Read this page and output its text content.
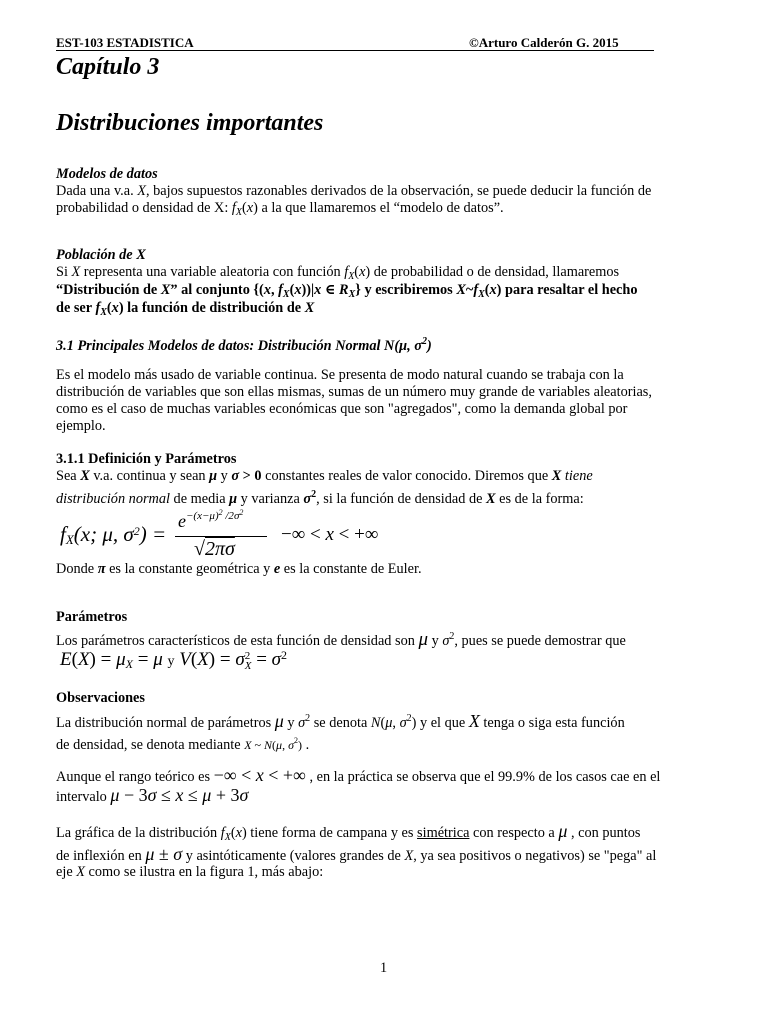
EST-103 ESTADISTICA	©Arturo Calderón G. 2015
Capítulo 3
Distribuciones importantes
Modelos de datos
Dada una v.a. X, bajos supuestos razonables derivados de la observación, se puede deducir la función de
probabilidad o densidad de X: $f_X(x)$ a la que llamaremos el “modelo de datos”.
Población de X
Si X representa una variable aleatoria con función $f_X(x)$ de probabilidad o de densidad, llamaremos
“Distribución de X” al conjunto {(x, $f_X(x))|x$ ∈ $R_X$} y escribiremos $X\sim f_X(x)$ para resaltar el hecho
de ser $f_X(x)$ la función de distribución de X
3.1 Principales Modelos de datos: Distribución Normal N(μ, $\sigma^2$)
Es el modelo más usado de variable continua. Se presenta de modo natural cuando se trabaja con la
distribución de variables que son ellas mismas, sumas de un número muy grande de variables aleatorias,
como es el caso de muchas variables económicas que son "agregados", como la demanda global por
ejemplo.
3.1.1 Definición y Parámetros
Sea X v.a. continua y sean μ y σ > 0 constantes reales de valor conocido. Diremos que X tiene
distribución normal de media μ y varianza $\sigma^2$, si la función de densidad de X es de la forma:
$f_X(x$; μ, $\sigma^2$) =
$e^{-(x-\mu)^2 /2\sigma^2}$
√2πσ
−∞ < x < +∞
Donde π es la constante geométrica y e es la constante de Euler.
Parámetros
Los parámetros característicos de esta función de densidad son μ y $\sigma^2$, pues se puede demostrar que
$E(X) = \mu_X = \mu$ y V(X) = σ2
$X = \sigma^2$
Observaciones
La distribución normal de parámetros μ y $\sigma^2$ se denota N(μ, $\sigma^2$) y el que X tenga o siga esta función
de densidad, se denota mediante X ~ N(μ, $\sigma^2$) .
Aunque el rango teórico es −∞ < x < +∞ , en la práctica se observa que el 99.9% de los casos cae en el
intervalo μ − 3σ ≤ x ≤ μ + 3σ
La gráfica de la distribución $f_X(x)$ tiene forma de campana y es simétrica con respecto a μ , con puntos
de inflexión en μ ± σ y asintóticamente (valores grandes de X, ya sea positivos o negativos) se "pega" al
eje X como se ilustra en la figura 1, más abajo:
1
